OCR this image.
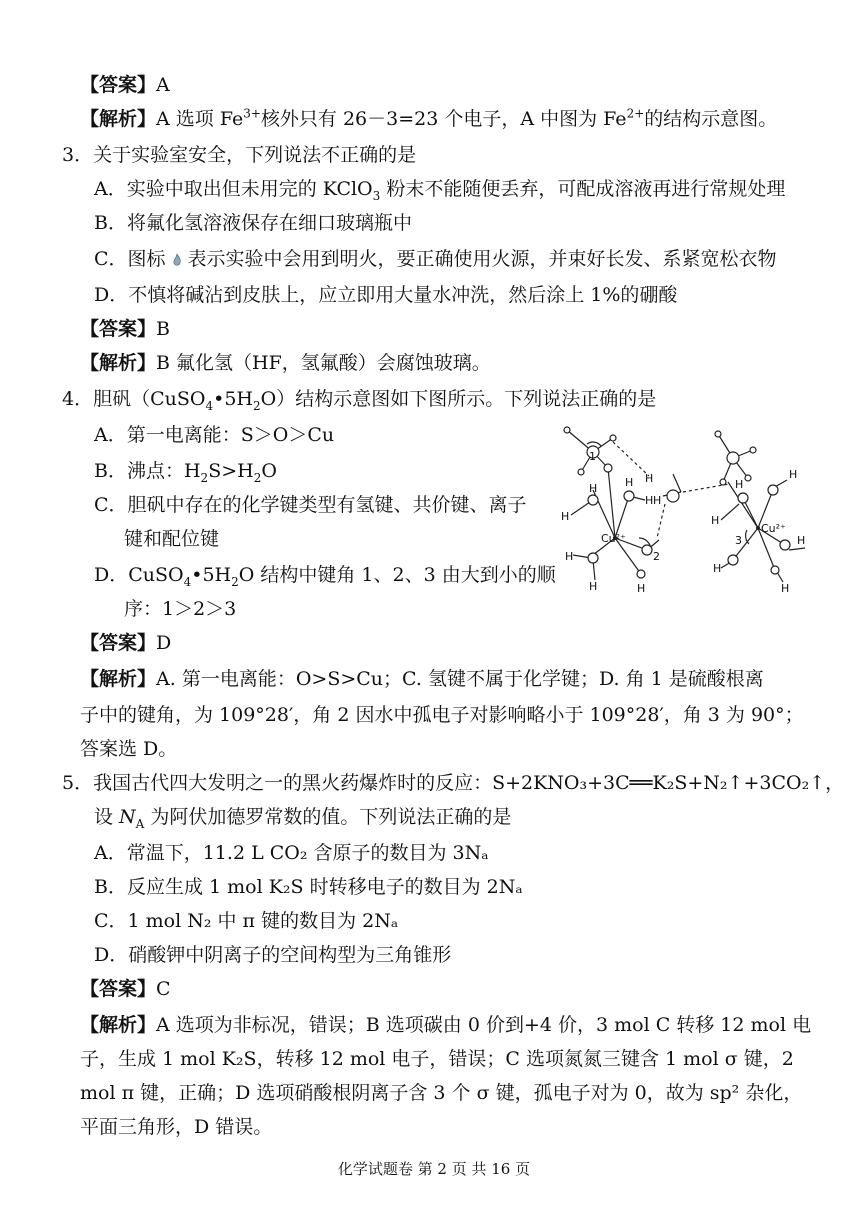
【答案】A
【解析】A 选项 $Fe^{3+}$核外只有 26－3=23 个电子，A 中图为 $Fe^{2+}$的结构示意图。
3．关于实验室安全，下列说法不正确的是
A．实验中取出但未用完的 KClO$_3$ 粉末不能随便丢弃，可配成溶液再进行常规处理
B．将氟化氢溶液保存在细口玻璃瓶中
C．图标 表示实验中会用到明火，要正确使用火源，并束好长发、系紧宽松衣物
D．不慎将碱沾到皮肤上，应立即用大量水冲洗，然后涂上 1%的硼酸
【答案】B
【解析】B 氟化氢（HF，氢氟酸）会腐蚀玻璃。
4．胆矾$(CuSO_4•5H_2O)$结构示意图如下图所示。下列说法正确的是
A．第一电离能：S＞O＞Cu
B．沸点：$H_2S>H_2O$
C．胆矾中存在的化学键类型有氢键、共价键、离子
键和配位键
D．$CuSO_4•5H_2O$ 结构中键角 1、2、3 由大到小的顺
序：1＞2＞3
Cu²⁺
Cu²⁺
1
2
3
H
H	H
H
H
H
H	H
H
H
H
H
H
H
H
【答案】D
【解析】A. 第一电离能：O>S>Cu；C. 氢键不属于化学键；D. 角 1 是硫酸根离
子中的键角，为 109°28′，角 2 因水中孤电子对影响略小于 109°28′，角 3 为 90°；
答案选 D。
5．我国古代四大发明之一的黑火药爆炸时的反应：S+2KNO₃+3C══K₂S+N₂↑+3CO₂↑，
设 $N_A$ 为阿伏加德罗常数的值。下列说法正确的是
A．常温下，11.2 L CO₂ 含原子的数目为 3Nₐ
B．反应生成 1 mol K₂S 时转移电子的数目为 2Nₐ
C．1 mol N₂ 中 π 键的数目为 2Nₐ
D．硝酸钾中阴离子的空间构型为三角锥形
【答案】C
【解析】A 选项为非标况，错误；B 选项碳由 0 价到+4 价，3 mol C 转移 12 mol 电
子，生成 1 mol K₂S，转移 12 mol 电子，错误；C 选项氮氮三键含 1 mol σ 键，2
mol π 键，正确；D 选项硝酸根阴离子含 3 个 σ 键，孤电子对为 0，故为 sp² 杂化，
平面三角形，D 错误。
化学试题卷 第 2 页 共 16 页
